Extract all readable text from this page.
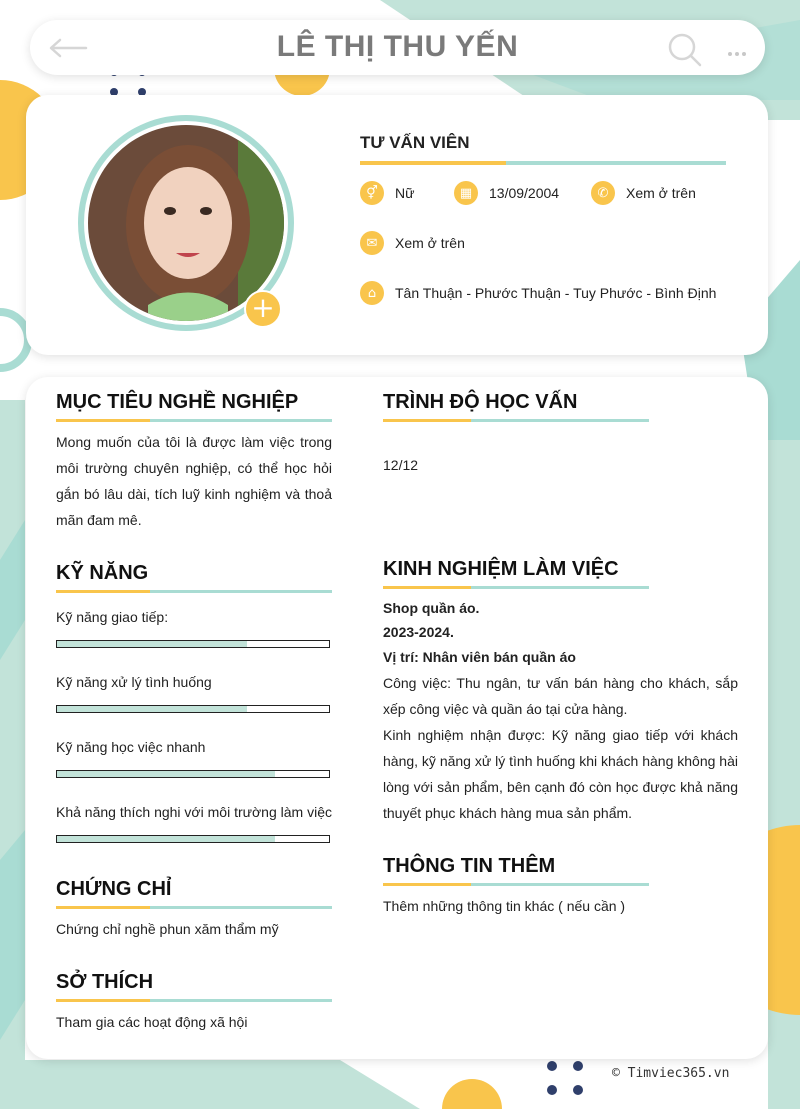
LÊ THỊ THU YẾN
+
TƯ VẤN VIÊN
⚥	Nữ	▦	13/09/2004	✆	Xem ở trên
✉	Xem ở trên
⌂	Tân Thuận - Phước Thuận - Tuy Phước - Bình Định
MỤC TIÊU NGHỀ NGHIỆP
Mong muốn của tôi là được làm việc trong môi trường chuyên nghiệp, có thể học hỏi gắn bó lâu dài, tích luỹ kinh nghiệm và thoả mãn đam mê.
KỸ NĂNG
Kỹ năng giao tiếp:
Kỹ năng xử lý tình huống
Kỹ năng học việc nhanh
Khả năng thích nghi với môi trường làm việc
CHỨNG CHỈ
Chứng chỉ nghề phun xăm thẩm mỹ
SỞ THÍCH
Tham gia các hoạt động xã hội
TRÌNH ĐỘ HỌC VẤN
12/12
KINH NGHIỆM LÀM VIỆC
Shop quần áo.
2023-2024.
Vị trí: Nhân viên bán quần áo
Công việc: Thu ngân, tư vấn bán hàng cho khách, sắp xếp công việc và quần áo tại cửa hàng.
Kinh nghiệm nhận được: Kỹ năng giao tiếp với khách hàng, kỹ năng xử lý tình huống khi khách hàng không hài lòng với sản phẩm, bên cạnh đó còn học được khả năng thuyết phục khách hàng mua sản phẩm.
THÔNG TIN THÊM
Thêm những thông tin khác ( nếu cần )
© Timviec365.vn
